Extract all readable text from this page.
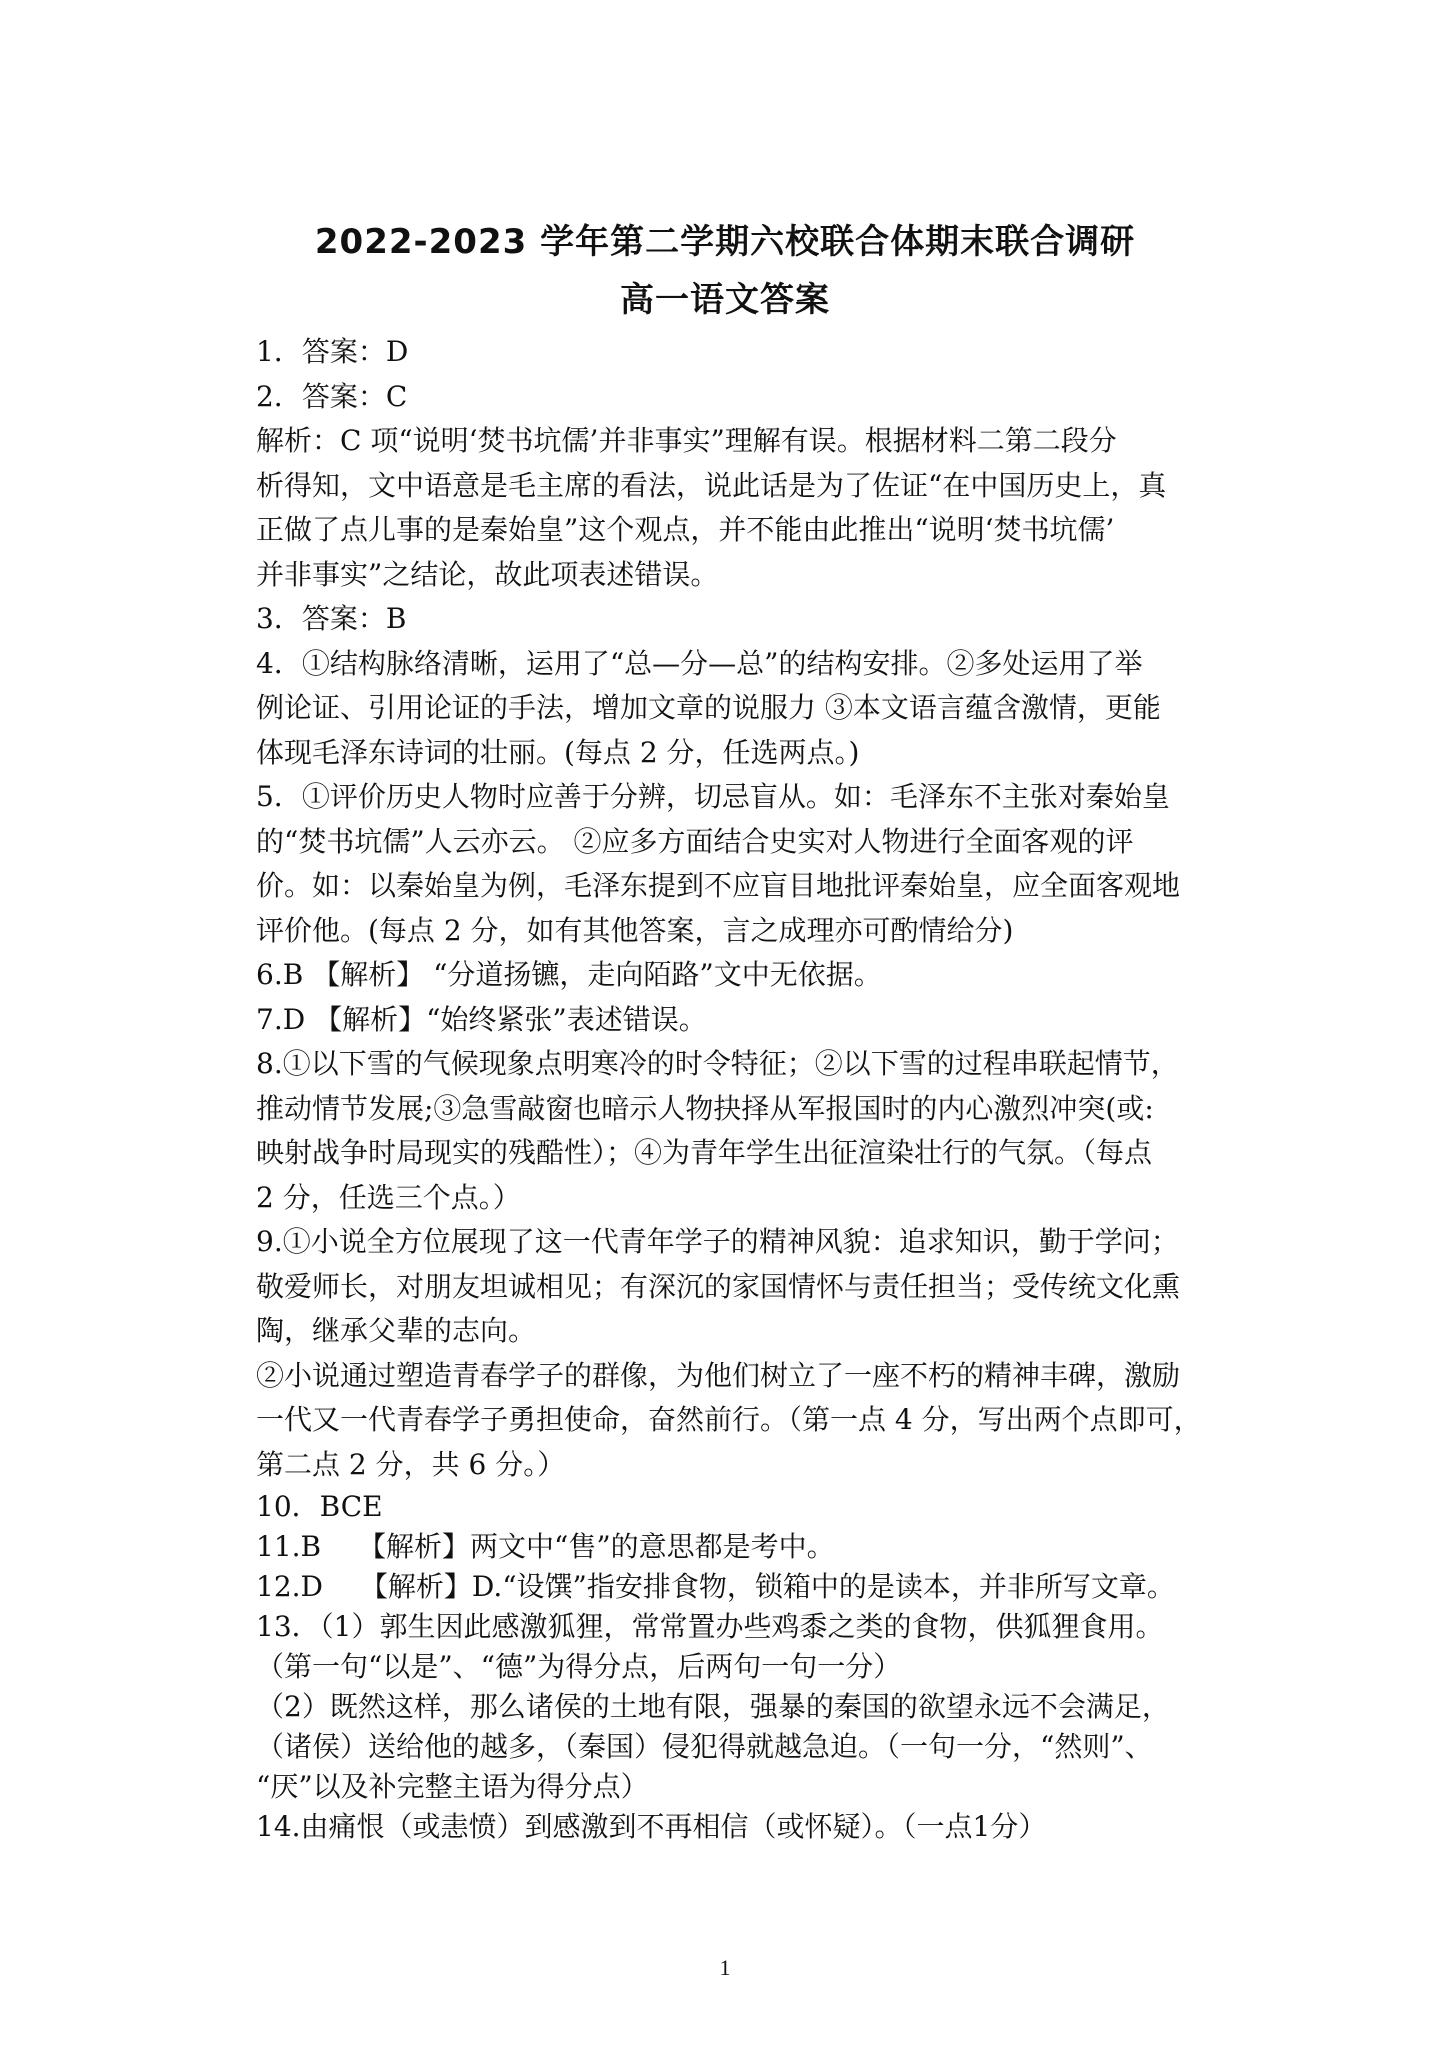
2022-2023 学年第二学期六校联合体期末联合调研
高一语文答案
1．答案：D
2．答案：C
解析：C 项“说明‘焚书坑儒’并非事实”理解有误。根据材料二第二段分
析得知，文中语意是毛主席的看法，说此话是为了佐证“在中国历史上，真
正做了点儿事的是秦始皇”这个观点，并不能由此推出“说明‘焚书坑儒’
并非事实”之结论，故此项表述错误。
3．答案：B
4．①结构脉络清晰，运用了“总—分—总”的结构安排。②多处运用了举
例论证、引用论证的手法，增加文章的说服力 ③本文语言蕴含激情，更能
体现毛泽东诗词的壮丽。(每点 2 分，任选两点。)
5．①评价历史人物时应善于分辨，切忌盲从。如：毛泽东不主张对秦始皇
的“焚书坑儒”人云亦云。 ②应多方面结合史实对人物进行全面客观的评
价。如：以秦始皇为例，毛泽东提到不应盲目地批评秦始皇，应全面客观地
评价他。(每点 2 分，如有其他答案，言之成理亦可酌情给分)
6.B 【解析】 “分道扬镳，走向陌路”文中无依据。
7.D 【解析】“始终紧张”表述错误。
8.①以下雪的气候现象点明寒冷的时令特征；②以下雪的过程串联起情节，
推动情节发展;③急雪敲窗也暗示人物抉择从军报国时的内心激烈冲突(或:
映射战争时局现实的残酷性）；④为青年学生出征渲染壮行的气氛。（每点
2 分，任选三个点。）
9.①小说全方位展现了这一代青年学子的精神风貌：追求知识，勤于学问；
敬爱师长，对朋友坦诚相见；有深沉的家国情怀与责任担当；受传统文化熏
陶，继承父辈的志向。
②小说通过塑造青春学子的群像，为他们树立了一座不朽的精神丰碑，激励
一代又一代青春学子勇担使命，奋然前行。（第一点 4 分，写出两个点即可，
第二点 2 分，共 6 分。）
10．BCE
11.B　 【解析】两文中“售”的意思都是考中。
12.D　 【解析】D.“设馔”指安排食物，锁箱中的是读本，并非所写文章。
13．（1）郭生因此感激狐狸，常常置办些鸡黍之类的食物，供狐狸食用。
（第一句“以是”、“德”为得分点，后两句一句一分）
（2）既然这样，那么诸侯的土地有限，强暴的秦国的欲望永远不会满足，
（诸侯）送给他的越多，（秦国）侵犯得就越急迫。（一句一分，“然则”、
“厌”以及补完整主语为得分点）
14.由痛恨（或恚愤）到感激到不再相信（或怀疑）。（一点1分）
1
